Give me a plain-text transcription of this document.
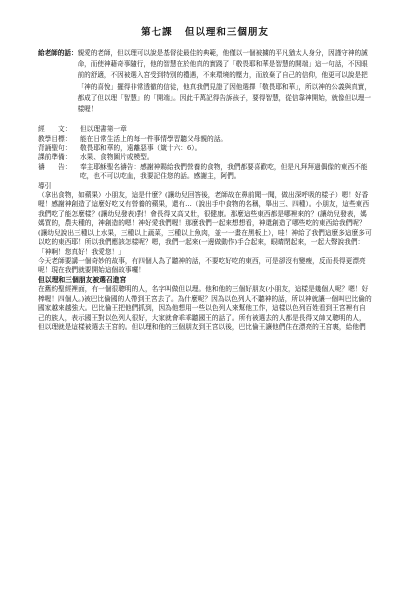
第七課 但以理和三個朋友
給老師的話： 親愛的老師，但以理可以說是基督徒最佳的典範，他僅以一個被擄的平凡猶太人身分，因謹守神的誡命，而使神藉奇事隨行，他的智慧在於他真的實踐了「敬畏耶和華是智慧的開端」這一句話，不因眼前的舒適，不因被選入宮受到特別的禮遇，不來環境的壓力，而放棄了自己的信仰，他更可以說是把「神的喜悅」擺得非常透徹的信徒，他真我們見證了因他選擇「敬畏耶和華」，所以神的公義與真實，都成了但以理「智慧」的「開端」。因此千萬記得告訴孩子，要得智慧，從信靠神開始，就像但以理一樣喔！
經　　文：	但以理書第一章
教學目標：	能在日常生活上的每一件事情學習聽父母親的話。
背誦聖句：	敬畏耶和華的，遠離惡事（箴十六：6）。
課前準備：	水果、食物圖片或模型。
禱　　告：	奉主耶穌聖名禱告：感謝神賜給我們營養的食物，我們都要喜歡吃，但是凡拜拜過偶像的東西不能吃，也不可以吃血，我要記住您的話。感謝主，阿們。

導引

（拿出食物，如蘋果）小朋友，這是什麼？(讓幼兒回答後，老師故在鼻前聞一聞，做出深呼吸的樣子）嗯！好香喔！感謝神創造了這麼好吃又有營養的蘋果，還有…（說出手中食物的名稱，舉出三、四種）。小朋友，這些東西我們吃了能怎麼樣？(讓幼兒發表)對！會長得又高又壯，很健康。那麼這些東西都是哪裡來的？(讓幼兒發表，媽媽買的，農夫種的，神創造的嗯！神好愛我們喔！那麼我們一起來想想看，神還創造了哪些吃的東西給我們呢？(讓幼兒說出三種以上水果，三種以上蔬菜，三種以上魚肉，並一一畫在黑板上），哇！神給了我們這麼多這麼多可以吃的東西耶！所以我們應該怎樣呢？嗯，我們一起來(一邊做動作)手合起來，眼睛閉起來，一起大聲說我們：「神啊！您真好！我愛您！」

今天老師要講一個奇妙的故事，有四個人為了聽神的話，不要吃好吃的東西，可是卻沒有變瘦，反而長得更漂亮呢！現在我們就要開始這個故事囉！

但以理和三個朋友被選召進宮

在舊約聖經裡面，有一個很聰明的人，名字叫做但以理。他和他的三個好朋友(小朋友，這樣是幾個人呢？嗯！好棒喔！四個人。)被巴比倫國的人帶到王宮去了。為什麼呢？因為以色列人不聽神的話，所以神就讓一個叫巴比倫的國家越來越強大。巴比倫王把他們抓到，因為他想用一些以色列人來幫他工作，這樣以色列百姓看到王宮裡有自己的族人，表示國王對以色列人很好，大家就會乖乖聽國王的話了。所有被選去的人都是長得又帥又聰明的人，但以理就是這樣被選去王宮的。但以理和他的三個朋友到王宮以後，巴比倫王讓他們住在漂亮的王宮裏，給他們
